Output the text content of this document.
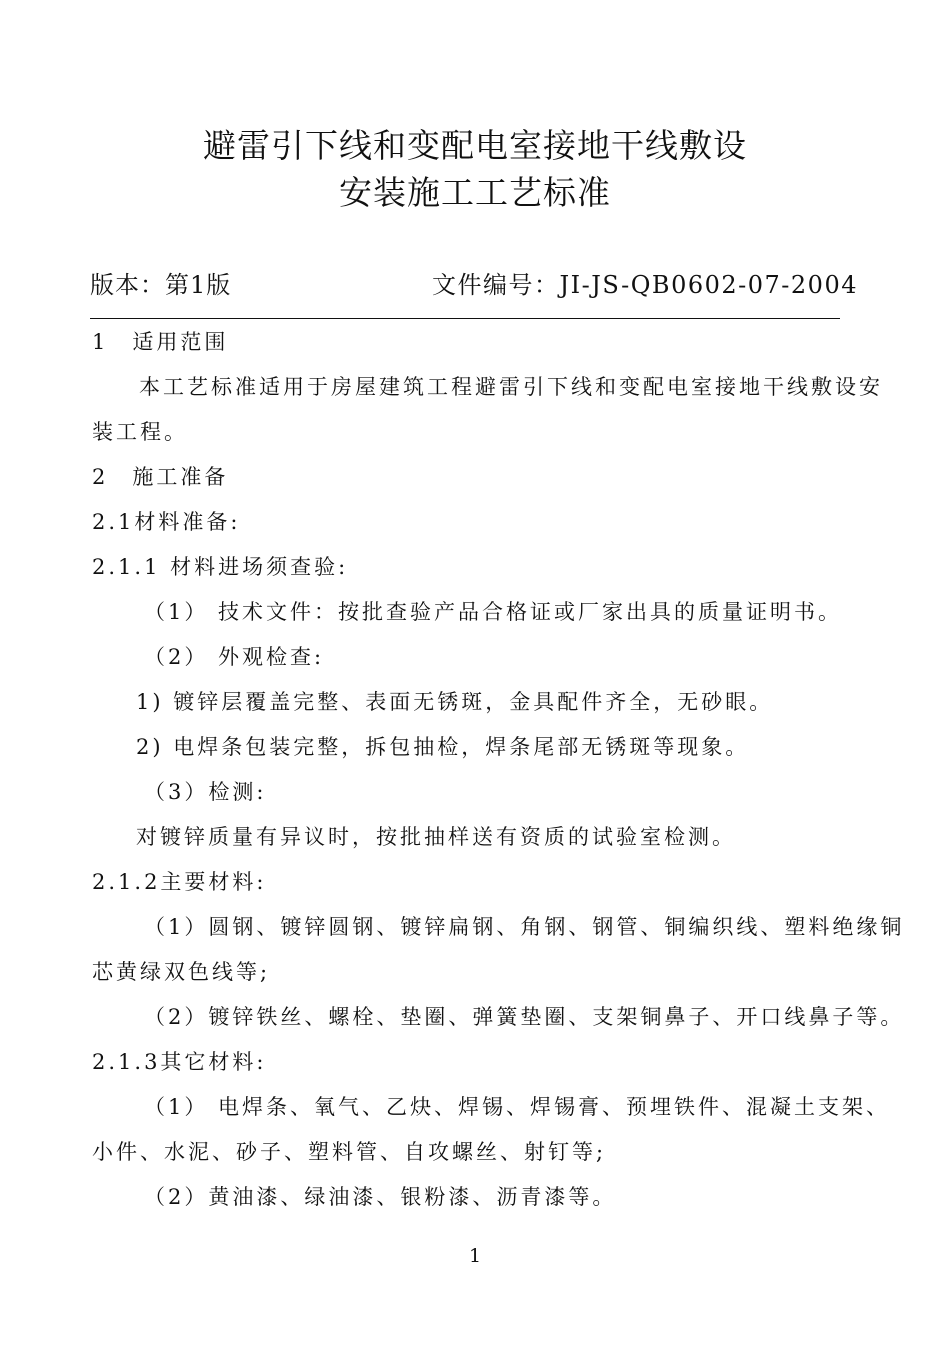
避雷引下线和变配电室接地干线敷设
安装施工工艺标准
版本：第1版	文件编号：JI-JS-QB0602-07-2004
1　适用范围
本工艺标准适用于房屋建筑工程避雷引下线和变配电室接地干线敷设安
装工程。
2　施工准备
2.1材料准备:
2.1.1 材料进场须查验:
（1） 技术文件：按批查验产品合格证或厂家出具的质量证明书。
（2） 外观检查:
1) 镀锌层覆盖完整、表面无锈斑，金具配件齐全，无砂眼。
2) 电焊条包装完整，拆包抽检，焊条尾部无锈斑等现象。
（3）检测:
对镀锌质量有异议时，按批抽样送有资质的试验室检测。
2.1.2主要材料:
（1）圆钢、镀锌圆钢、镀锌扁钢、角钢、钢管、铜编织线、塑料绝缘铜
芯黄绿双色线等;
（2）镀锌铁丝、螺栓、垫圈、弹簧垫圈、支架铜鼻子、开口线鼻子等。
2.1.3其它材料:
（1） 电焊条、氧气、乙炔、焊锡、焊锡膏、预埋铁件、混凝土支架、
小件、水泥、砂子、塑料管、自攻螺丝、射钉等;
（2）黄油漆、绿油漆、银粉漆、沥青漆等。
1
